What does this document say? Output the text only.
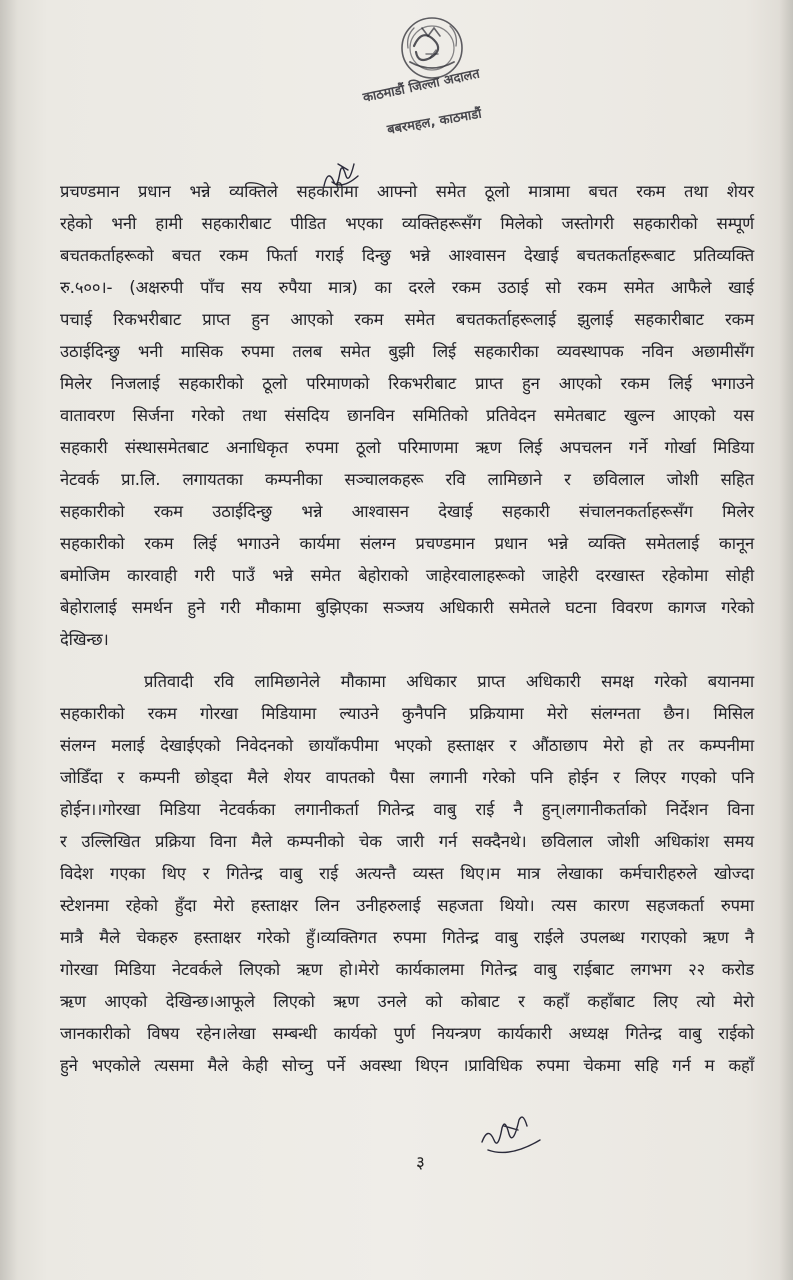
काठमाडौं जिल्ला अदालत
बबरमहल, काठमाडौं
प्रचण्डमान प्रधान भन्ने व्यक्तिले सहकारीमा आफ्नो समेत ठूलो मात्रामा बचत रकम तथा शेयर
रहेको भनी हामी सहकारीबाट पीडित भएका व्यक्तिहरूसँग मिलेको जस्तोगरी सहकारीको सम्पूर्ण
बचतकर्ताहरूको बचत रकम फिर्ता गराई दिन्छु भन्ने आश्वासन देखाई बचतकर्ताहरूबाट प्रतिव्यक्ति
रु.५००।- (अक्षरुपी पाँच सय रुपैया मात्र) का दरले रकम उठाई सो रकम समेत आफैले खाई
पचाई रिकभरीबाट प्राप्त हुन आएको रकम समेत बचतकर्ताहरूलाई झुलाई सहकारीबाट रकम
उठाईदिन्छु भनी मासिक रुपमा तलब समेत बुझी लिई सहकारीका व्यवस्थापक नविन अछामीसँग
मिलेर निजलाई सहकारीको ठूलो परिमाणको रिकभरीबाट प्राप्त हुन आएको रकम लिई भगाउने
वातावरण सिर्जना गरेको तथा संसदिय छानविन समितिको प्रतिवेदन समेतबाट खुल्न आएको यस
सहकारी संस्थासमेतबाट अनाधिकृत रुपमा ठूलो परिमाणमा ऋण लिई अपचलन गर्ने गोर्खा मिडिया
नेटवर्क प्रा.लि. लगायतका कम्पनीका सञ्चालकहरू रवि लामिछाने र छविलाल जोशी सहित
सहकारीको रकम उठाईदिन्छु भन्ने आश्वासन देखाई सहकारी संचालनकर्ताहरूसँग मिलेर
सहकारीको रकम लिई भगाउने कार्यमा संलग्न प्रचण्डमान प्रधान भन्ने व्यक्ति समेतलाई कानून
बमोजिम कारवाही गरी पाउँ भन्ने समेत बेहोराको जाहेरवालाहरूको जाहेरी दरखास्त रहेकोमा सोही
बेहोरालाई समर्थन हुने गरी मौकामा बुझिएका सञ्जय अधिकारी समेतले घटना विवरण कागज गरेको
देखिन्छ।
प्रतिवादी रवि लामिछानेले मौकामा अधिकार प्राप्त अधिकारी समक्ष गरेको बयानमा
सहकारीको रकम गोरखा मिडियामा ल्याउने कुनैपनि प्रक्रियामा मेरो संलग्नता छैन। मिसिल
संलग्न मलाई देखाईएको निवेदनको छायाँकपीमा भएको हस्ताक्षर र औंठाछाप मेरो हो तर कम्पनीमा
जोडिँदा र कम्पनी छोड्दा मैले शेयर वापतको पैसा लगानी गरेको पनि होईन र लिएर गएको पनि
होईन।।गोरखा मिडिया नेटवर्कका लगानीकर्ता गितेन्द्र वाबु राई नै हुन्।लगानीकर्ताको निर्देशन विना
र उल्लिखित प्रक्रिया विना मैले कम्पनीको चेक जारी गर्न सक्दैनथे। छविलाल जोशी अधिकांश समय
विदेश गएका थिए र गितेन्द्र वाबु राई अत्यन्तै व्यस्त थिए।म मात्र लेखाका कर्मचारीहरुले खोज्दा
स्टेशनमा रहेको हुँदा मेरो हस्ताक्षर लिन उनीहरुलाई सहजता थियो। त्यस कारण सहजकर्ता रुपमा
मात्रै मैले चेकहरु हस्ताक्षर गरेको हुँ।व्यक्तिगत रुपमा गितेन्द्र वाबु राईले उपलब्ध गराएको ऋण नै
गोरखा मिडिया नेटवर्कले लिएको ऋण हो।मेरो कार्यकालमा गितेन्द्र वाबु राईबाट लगभग २२ करोड
ऋण आएको देखिन्छ।आफूले लिएको ऋण उनले को कोबाट र कहाँ कहाँबाट लिए त्यो मेरो
जानकारीको विषय रहेन।लेखा सम्बन्धी कार्यको पुर्ण नियन्त्रण कार्यकारी अध्यक्ष गितेन्द्र वाबु राईको
हुने भएकोले त्यसमा मैले केही सोच्नु पर्ने अवस्था थिएन ।प्राविधिक रुपमा चेकमा सहि गर्न म कहाँ
३
